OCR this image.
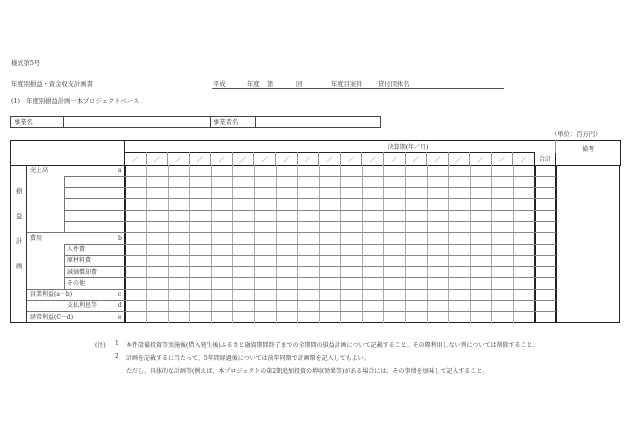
様式第5号
年度別損益・資金収支計画書	平成	年度 第	回	年度目案件 貸付団体名
(1)　年度別損益計画一本プロジェクトベース
事業名	事業者名
（単位：百万円）
	決算期(年／月)																				備考
	／	／	／	／	／	／	／	／	／	／	／	／	／	／	／	／	／	／	／	合計	
損
益
計
画
売上高	a
費用	b
人件費
原材料費
減価償却費
その他
営業利益(a－b)	c
支払利息等	d
経常利益(C－d)	e
(注) 1 本件設備投資等実施後(借入発生後)ふるさと融資期間終了までの全期間の損益計画について記載すること。その際利用しない列については削除すること。
2 計画を記載するに当たって、5年間経過後については前年同額で計画額を記入してもよい。
ただし、具体的な計画等(例えば、本プロジェクトの第2期追加投資の増収効果等)がある場合には、その事情を加味して記入すること。
